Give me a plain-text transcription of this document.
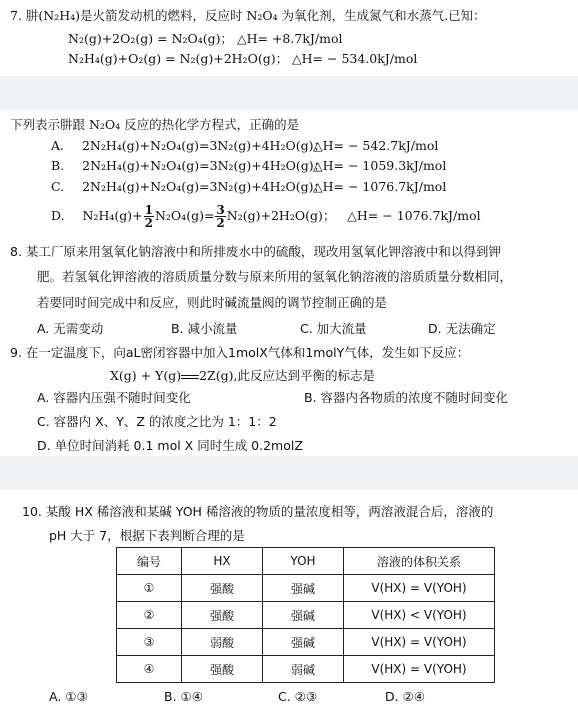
7. 肼(N₂H₄)是火箭发动机的燃料，反应时 N₂O₄ 为氧化剂，生成氮气和水蒸气.已知：
N₂(g)+2O₂(g) = N₂O₄(g)； △H= +8.7kJ/mol
N₂H₄(g)+O₂(g) = N₂(g)+2H₂O(g)； △H= − 534.0kJ/mol
下列表示肼跟 N₂O₄ 反应的热化学方程式，正确的是
A. 2N₂H₄(g)+N₂O₄(g)=3N₂(g)+4H₂O(g)；
△H= − 542.7kJ/mol
B. 2N₂H₄(g)+N₂O₄(g)=3N₂(g)+4H₂O(g)；
△H= − 1059.3kJ/mol
C. 2N₂H₄(g)+N₂O₄(g)=3N₂(g)+4H₂O(g)；
△H= − 1076.7kJ/mol
D. $N_2H_4(g)+ \frac{1}{2} N_2O_4(g)= \frac{3}{2} N_2(g)+2H_2O(g)$； △H= − 1076.7kJ/mol
8. 某工厂原来用氢氧化钠溶液中和所排废水中的硫酸，现改用氢氧化钾溶液中和以得到钾
肥。若氢氧化钾溶液的溶质质量分数与原来所用的氢氧化钠溶液的溶质质量分数相同，
若要同时间完成中和反应，则此时碱流量阀的调节控制正确的是
A. 无需变动	B. 减小流量	C. 加大流量	D. 无法确定
9. 在一定温度下，向aL密闭容器中加入1molX气体和1molY气体，发生如下反应：
X(g) + Y(g) 2Z(g),此反应达到平衡的标志是
A. 容器内压强不随时间变化	B. 容器内各物质的浓度不随时间变化
C. 容器内 X、Y、Z 的浓度之比为 1：1：2
D. 单位时间消耗 0.1 mol X 同时生成 0.2molZ
10. 某酸 HX 稀溶液和某碱 YOH 稀溶液的物质的量浓度相等，两溶液混合后，溶液的
pH 大于 7，根据下表判断合理的是
编号	HX	YOH	溶液的体积关系
①	强酸	强碱	V(HX) = V(YOH)
②	强酸	强碱	V(HX) < V(YOH)
③	弱酸	强碱	V(HX) = V(YOH)
④	强酸	弱碱	V(HX) = V(YOH)
A. ①③	B. ①④	C. ②③	D. ②④
